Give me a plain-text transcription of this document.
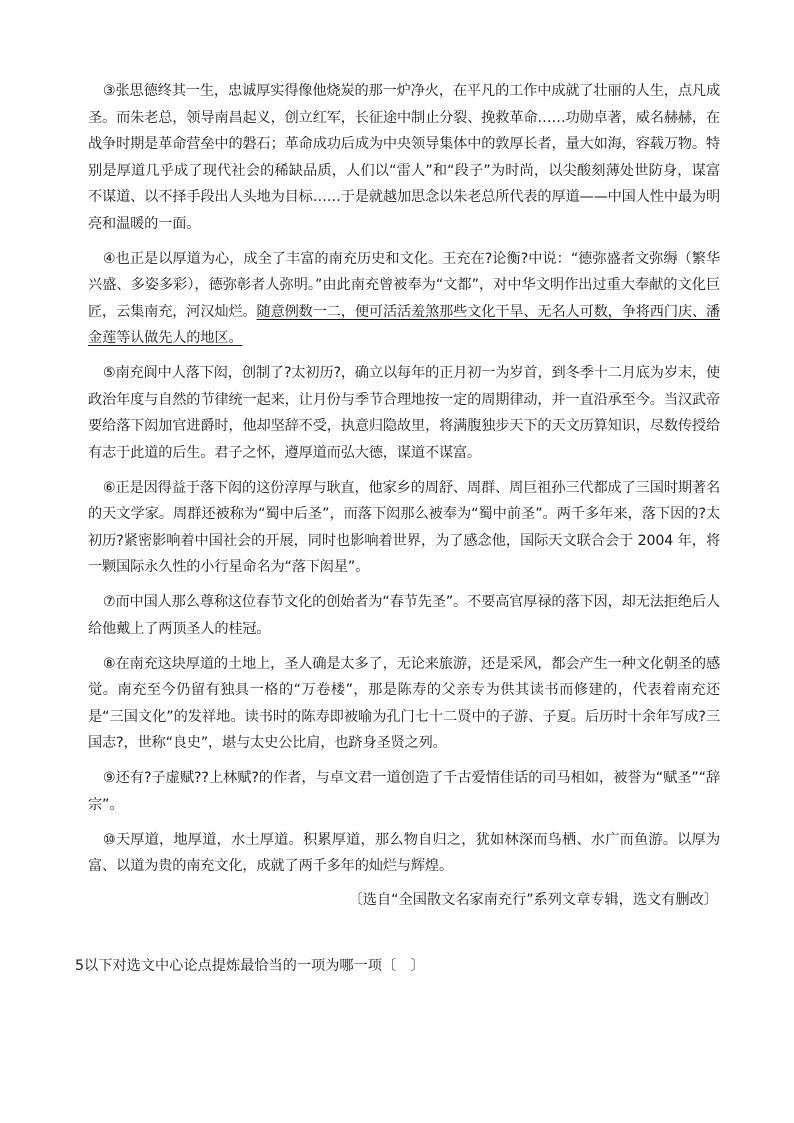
③张思德终其一生，忠诚厚实得像他烧炭的那一炉净火，在平凡的工作中成就了壮丽的人生，点凡成圣。而朱老总，领导南昌起义，创立红军，长征途中制止分裂、挽救革命……功勋卓著，威名赫赫，在战争时期是革命营垒中的磐石；革命成功后成为中央领导集体中的敦厚长者，量大如海，容载万物。特别是厚道几乎成了现代社会的稀缺品质，人们以“雷人”和“段子”为时尚，以尖酸刻薄处世防身，谋富不谋道、以不择手段出人头地为目标……于是就越加思念以朱老总所代表的厚道——中国人性中最为明亮和温暖的一面。

④也正是以厚道为心，成全了丰富的南充历史和文化。王充在?论衡?中说：“德弥盛者文弥缛（繁华兴盛、多姿多彩），德弥彰者人弥明。”由此南充曾被奉为“文都”，对中华文明作出过重大奉献的文化巨匠，云集南充，河汉灿烂。随意例数一二，便可活活羞煞那些文化干旱、无名人可数，争将西门庆、潘金莲等认做先人的地区。

⑤南充阆中人落下闳，创制了?太初历?，确立以每年的正月初一为岁首，到冬季十二月底为岁末，使政治年度与自然的节律统一起来，让月份与季节合理地按一定的周期律动，并一直沿承至今。当汉武帝要给落下闳加官进爵时，他却坚辞不受，执意归隐故里，将满腹独步天下的天文历算知识，尽数传授给有志于此道的后生。君子之怀，遵厚道而弘大德，谋道不谋富。

⑥正是因得益于落下闳的这份淳厚与耿直，他家乡的周舒、周群、周巨祖孙三代都成了三国时期著名的天文学家。周群还被称为“蜀中后圣”，而落下闳那么被奉为“蜀中前圣”。两千多年来，落下因的?太初历?紧密影响着中国社会的开展，同时也影响着世界，为了感念他，国际天文联合会于 2004 年，将一颗国际永久性的小行星命名为“落下闳星”。

⑦而中国人那么尊称这位春节文化的创始者为“春节先圣”。不要高官厚禄的落下因，却无法拒绝后人给他戴上了两顶圣人的桂冠。

⑧在南充这块厚道的土地上，圣人确是太多了，无论来旅游，还是采风，都会产生一种文化朝圣的感觉。南充至今仍留有独具一格的“万卷楼”，那是陈寿的父亲专为供其读书而修建的，代表着南充还是“三国文化”的发祥地。读书时的陈寿即被喻为孔门七十二贤中的子游、子夏。后历时十余年写成?三国志?，世称“良史”，堪与太史公比肩，也跻身圣贤之列。

⑨还有?子虚赋??上林赋?的作者，与卓文君一道创造了千古爱情佳话的司马相如，被誉为“赋圣”“辞宗”。

⑩天厚道，地厚道，水土厚道。积累厚道，那么物自归之，犹如林深而鸟栖、水广而鱼游。以厚为富、以道为贵的南充文化，成就了两千多年的灿烂与辉煌。

〔选自“全国散文名家南充行”系列文章专辑，选文有删改〕

5以下对选文中心论点提炼最恰当的一项为哪一项〔　〕
